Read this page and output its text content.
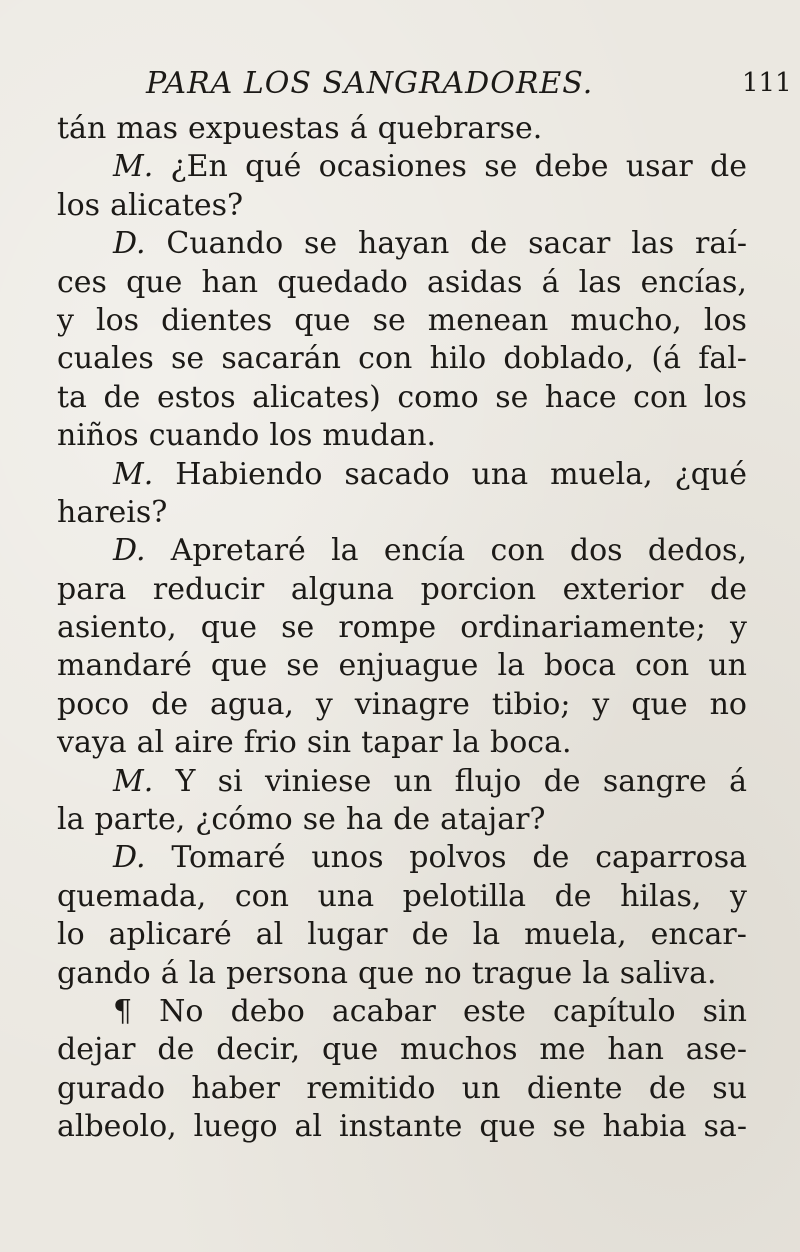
PARA LOS SANGRADORES.	111
tán mas expuestas á quebrarse.
M. ¿En qué ocasiones se debe usar de
los alicates?
D. Cuando se hayan de sacar las raí-
ces que han quedado asidas á las encías,
y los dientes que se menean mucho, los
cuales se sacarán con hilo doblado, (á fal-
ta de estos alicates) como se hace con los
niños cuando los mudan.
M. Habiendo sacado una muela, ¿qué
hareis?
D. Apretaré la encía con dos dedos,
para reducir alguna porcion exterior de
asiento, que se rompe ordinariamente; y
mandaré que se enjuague la boca con un
poco de agua, y vinagre tibio; y que no
vaya al aire frio sin tapar la boca.
M. Y si viniese un flujo de sangre á
la parte, ¿cómo se ha de atajar?
D. Tomaré unos polvos de caparrosa
quemada, con una pelotilla de hilas, y
lo aplicaré al lugar de la muela, encar-
gando á la persona que no trague la saliva.
¶ No debo acabar este capítulo sin
dejar de decir, que muchos me han ase-
gurado haber remitido un diente de su
albeolo, luego al instante que se habia sa-
